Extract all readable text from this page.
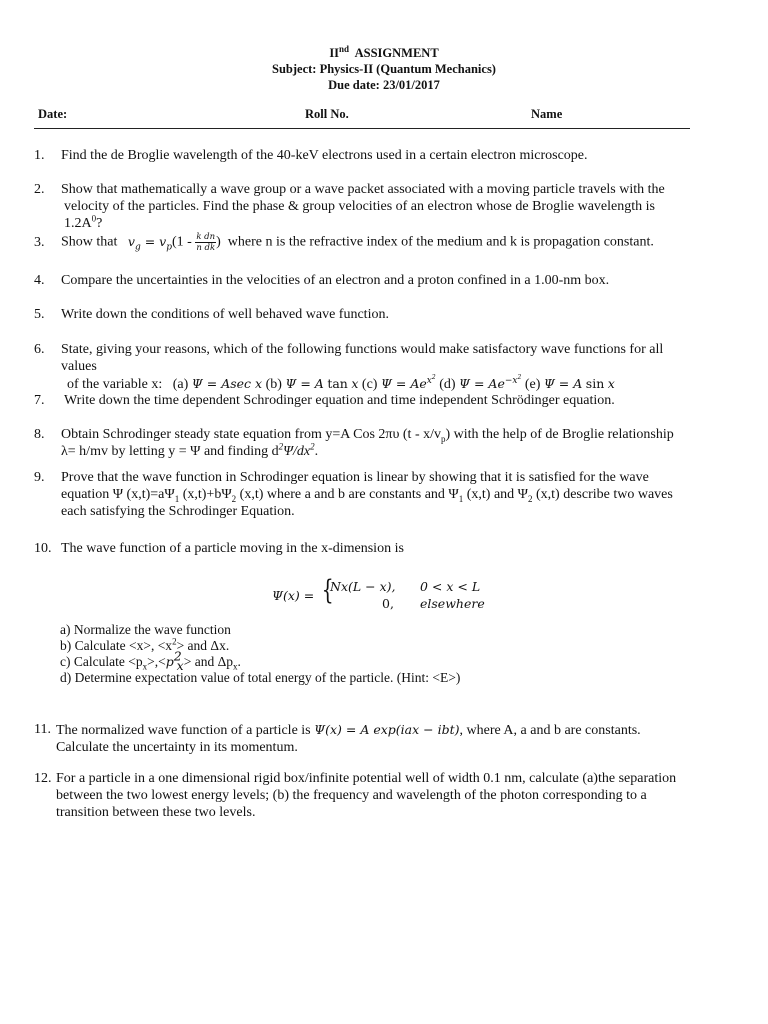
IInd ASSIGNMENT
Subject: Physics-II (Quantum Mechanics)
Due date: 23/01/2017
Date:	Roll No.	Name
1. Find the de Broglie wavelength of the 40-keV electrons used in a certain electron microscope.
2. Show that mathematically a wave group or a wave packet associated with a moving particle travels with the
velocity of the particles. Find the phase & group velocities of an electron whose de Broglie wavelength is $1.2A^0$?
3. Show that $v_g = v_p(1 - \frac{\text{k dn}}{\text{n dk}}$ )  where n is the refractive index of the medium and k is propagation constant.
4. Compare the uncertainties in the velocities of an electron and a proton confined in a 1.00-nm box.
5. Write down the conditions of well behaved wave function.
6. State, giving your reasons, which of the following functions would make satisfactory wave functions for all values
of the variable x: (a) Ψ = Asec x (b) Ψ = A tan x (c) $\Psi = Ae^{x^2}$ (d) $\Psi = Ae^{-x^2}$ (e) Ψ = A sin x
7. Write down the time dependent Schrodinger equation and time independent Schrödinger equation.
8. Obtain Schrodinger steady state equation from y=A Cos 2πυ $(t - x/v_p)$ with the help of de Broglie relationship
λ= h/mv by letting y = Ψ and finding $d^2\Psi/dx^2$.
9. Prove that the wave function in Schrodinger equation is linear by showing that it is satisfied for the wave
equation Ψ $(x,t)=a\Psi_1$ $(x,t)+b\Psi_2$ (x,t) where a and b are constants and $\Psi_1$ (x,t) and $\Psi_2$ (x,t) describe two waves
each satisfying the Schrodinger Equation.
10. The wave function of a particle moving in the x-dimension is
Ψ(x) = {
Nx(L − x),
0,
0 < x < L
elsewhere
a) Normalize the wave function
b) Calculate <x>, $<x^2>$ and Δx.
c) Calculate $<p_x>,<p^2_x>$ and $\Delta p_x$.
d) Determine expectation value of total energy of the particle. (Hint: <E>)
11. The normalized wave function of a particle is Ψ(x) = A exp(iax − ibt), where A, a and b are constants.
Calculate the uncertainty in its momentum.
12. For a particle in a one dimensional rigid box/infinite potential well of width 0.1 nm, calculate (a)the separation
between the two lowest energy levels; (b) the frequency and wavelength of the photon corresponding to a
transition between these two levels.
